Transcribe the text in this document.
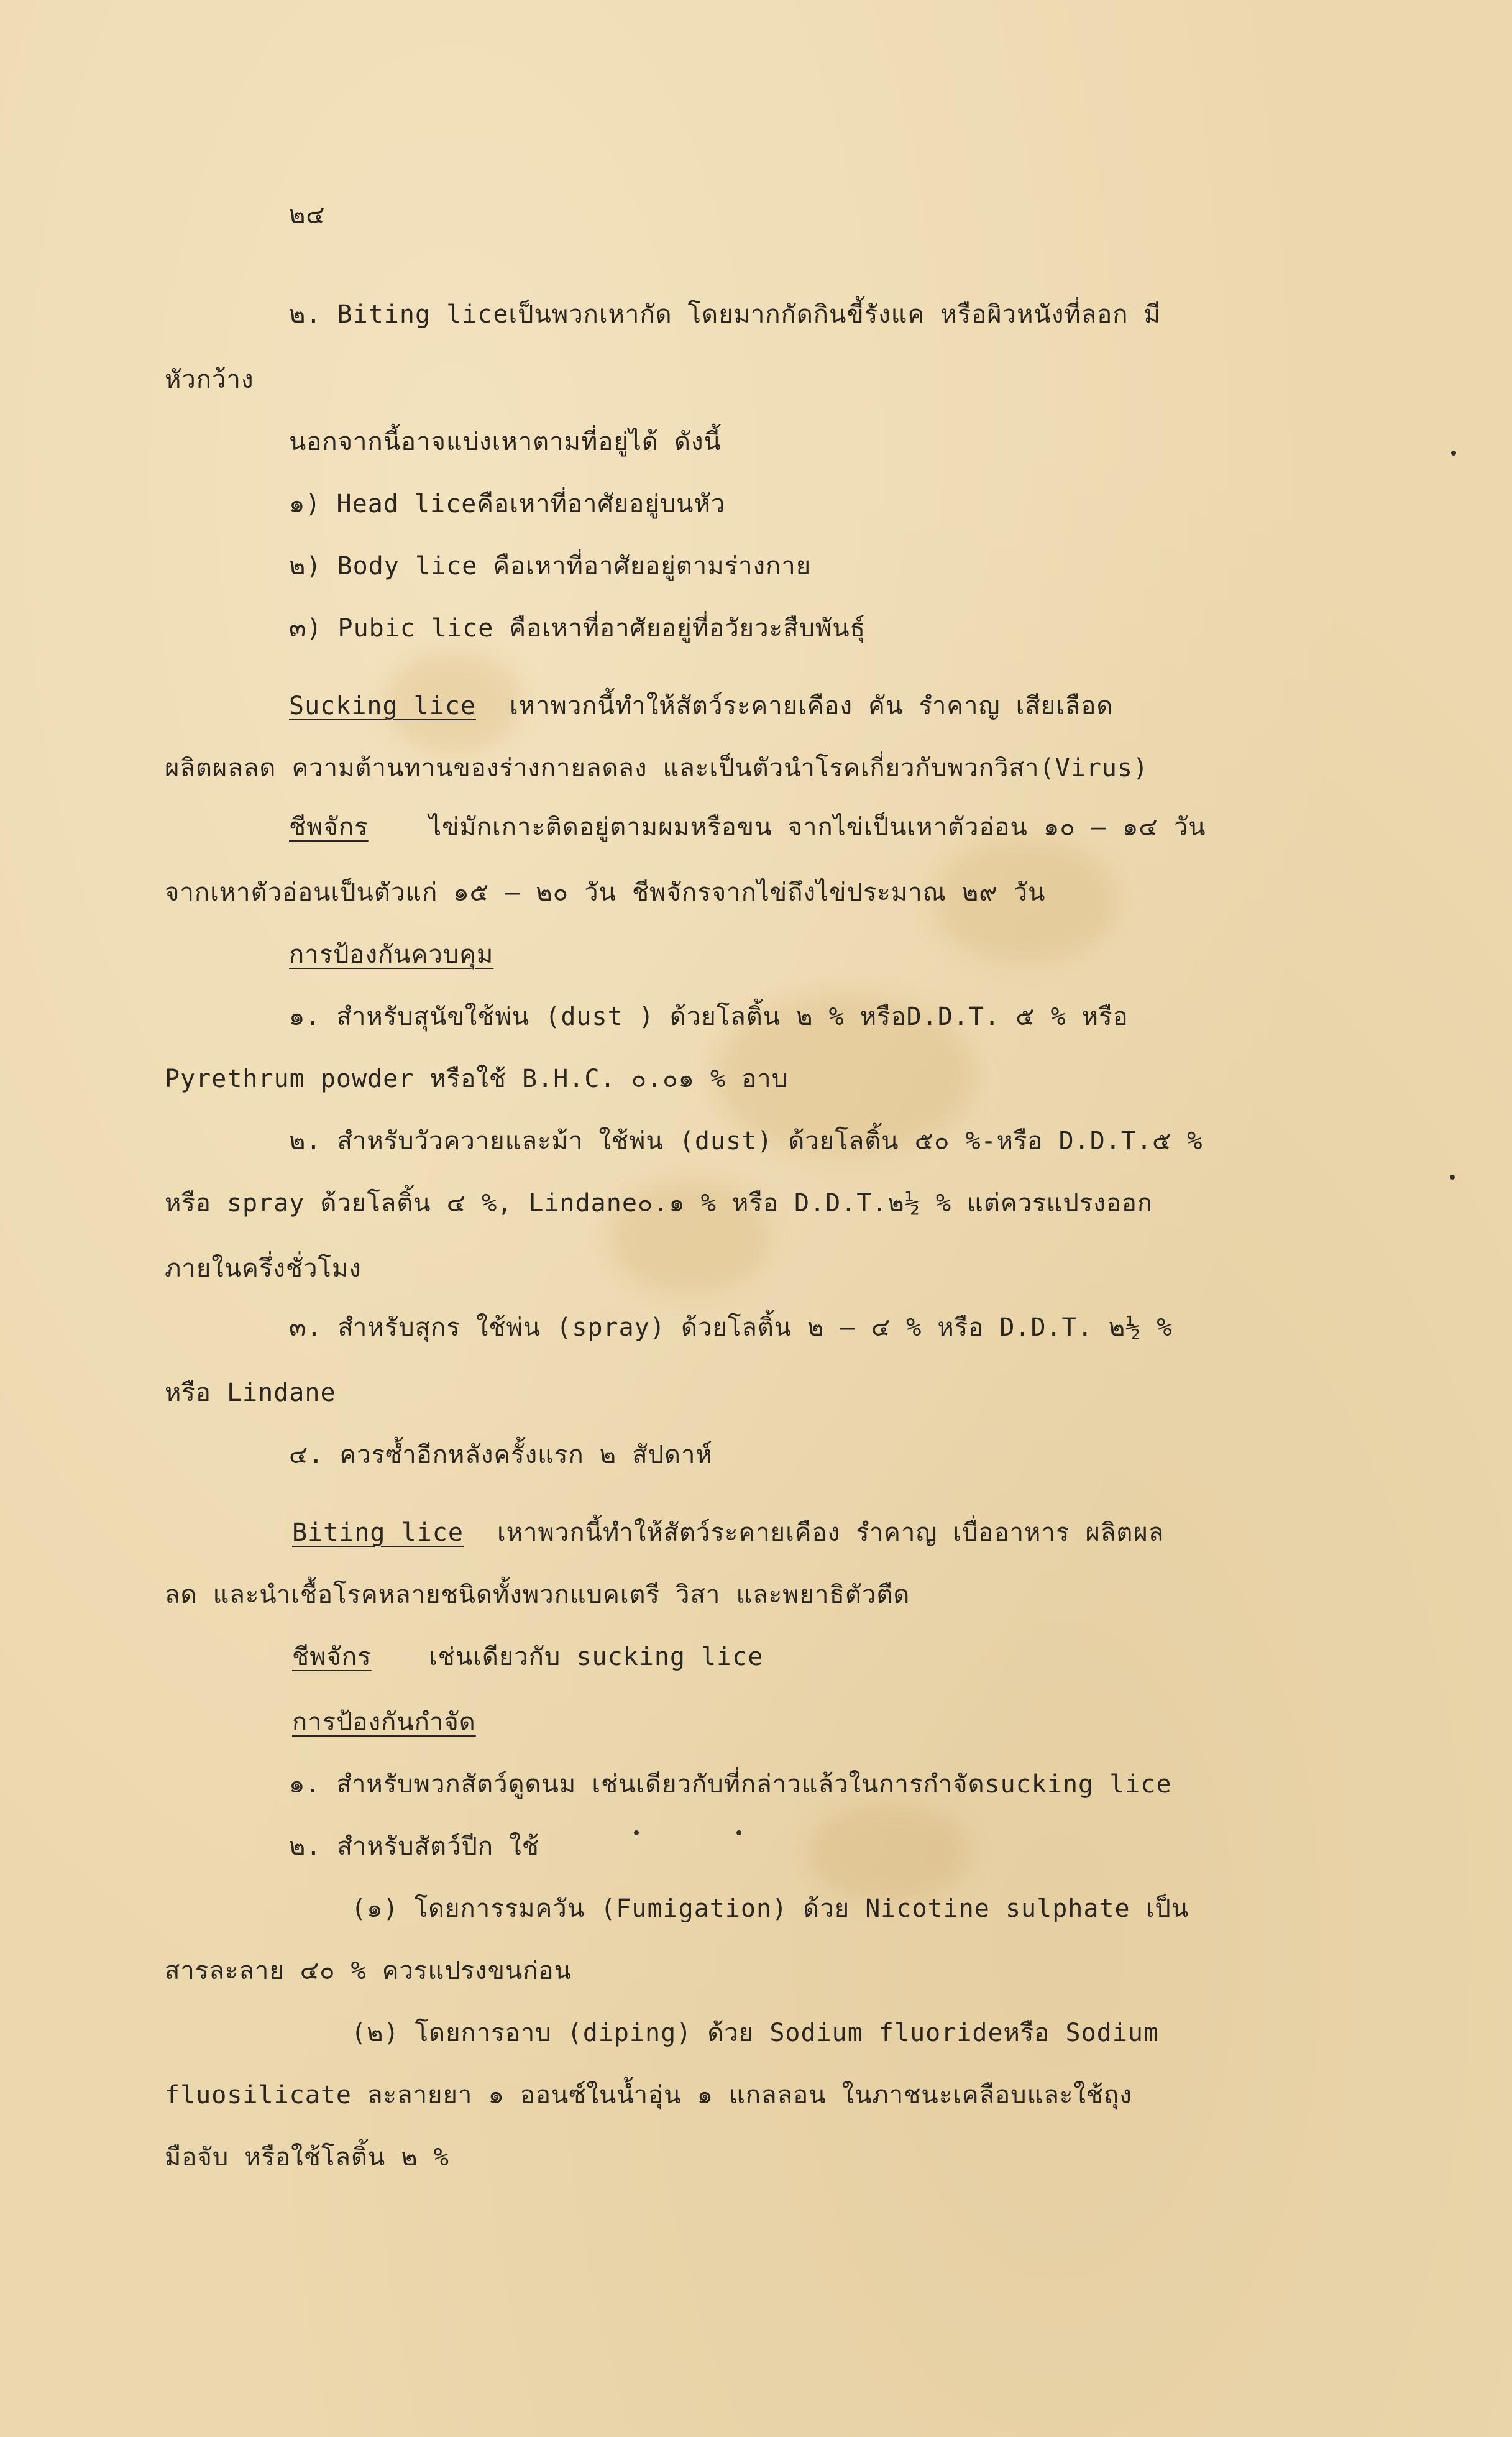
๒๔
๒. Biting liceเป็นพวกเหากัด โดยมากกัดกินขี้รังแค หรือผิวหนังที่ลอก มี
หัวกว้าง
นอกจากนี้อาจแบ่งเหาตามที่อยู่ได้ ดังนี้
๑) Head liceคือเหาที่อาศัยอยู่บนหัว
๒) Body lice คือเหาที่อาศัยอยู่ตามร่างกาย
๓) Pubic lice คือเหาที่อาศัยอยู่ที่อวัยวะสืบพันธุ์
Sucking lice เหาพวกนี้ทำให้สัตว์ระคายเคือง คัน รำคาญ เสียเลือด
ผลิตผลลด ความต้านทานของร่างกายลดลง และเป็นตัวนำโรคเกี่ยวกับพวกวิสา(Virus)
ชีพจักร ไข่มักเกาะติดอยู่ตามผมหรือขน จากไข่เป็นเหาตัวอ่อน ๑๐ – ๑๔ วัน
จากเหาตัวอ่อนเป็นตัวแก่ ๑๕ – ๒๐ วัน ชีพจักรจากไข่ถึงไข่ประมาณ ๒๙ วัน
การป้องกันควบคุม
๑. สำหรับสุนัขใช้พ่น (dust ) ด้วยโลติ้น ๒ % หรือD.D.T. ๕ % หรือ
Pyrethrum powder หรือใช้ B.H.C. ๐.๐๑ % อาบ
๒. สำหรับวัวควายและม้า ใช้พ่น (dust) ด้วยโลติ้น ๕๐ %-หรือ D.D.T.๕ %
หรือ spray ด้วยโลติ้น ๔ %, Lindane๐.๑ % หรือ D.D.T.๒½ % แต่ควรแปรงออก
ภายในครึ่งชั่วโมง
๓. สำหรับสุกร ใช้พ่น (spray) ด้วยโลติ้น ๒ – ๔ % หรือ D.D.T. ๒½ %
หรือ Lindane
๔. ควรซ้ำอีกหลังครั้งแรก ๒ สัปดาห์
Biting lice เหาพวกนี้ทำให้สัตว์ระคายเคือง รำคาญ เบื่ออาหาร ผลิตผล
ลด และนำเชื้อโรคหลายชนิดทั้งพวกแบคเตรี วิสา และพยาธิตัวตืด
ชีพจักร เช่นเดียวกับ sucking lice
การป้องกันกำจัด
๑. สำหรับพวกสัตว์ดูดนม เช่นเดียวกับที่กล่าวแล้วในการกำจัดsucking lice
๒. สำหรับสัตว์ปีก ใช้
(๑) โดยการรมควัน (Fumigation) ด้วย Nicotine sulphate เป็น
สารละลาย ๔๐ % ควรแปรงขนก่อน
(๒) โดยการอาบ (diping) ด้วย Sodium fluorideหรือ Sodium
fluosilicate ละลายยา ๑ ออนซ์ในน้ำอุ่น ๑ แกลลอน ในภาชนะเคลือบและใช้ถุง
มือจับ หรือใช้โลติ้น ๒ %
